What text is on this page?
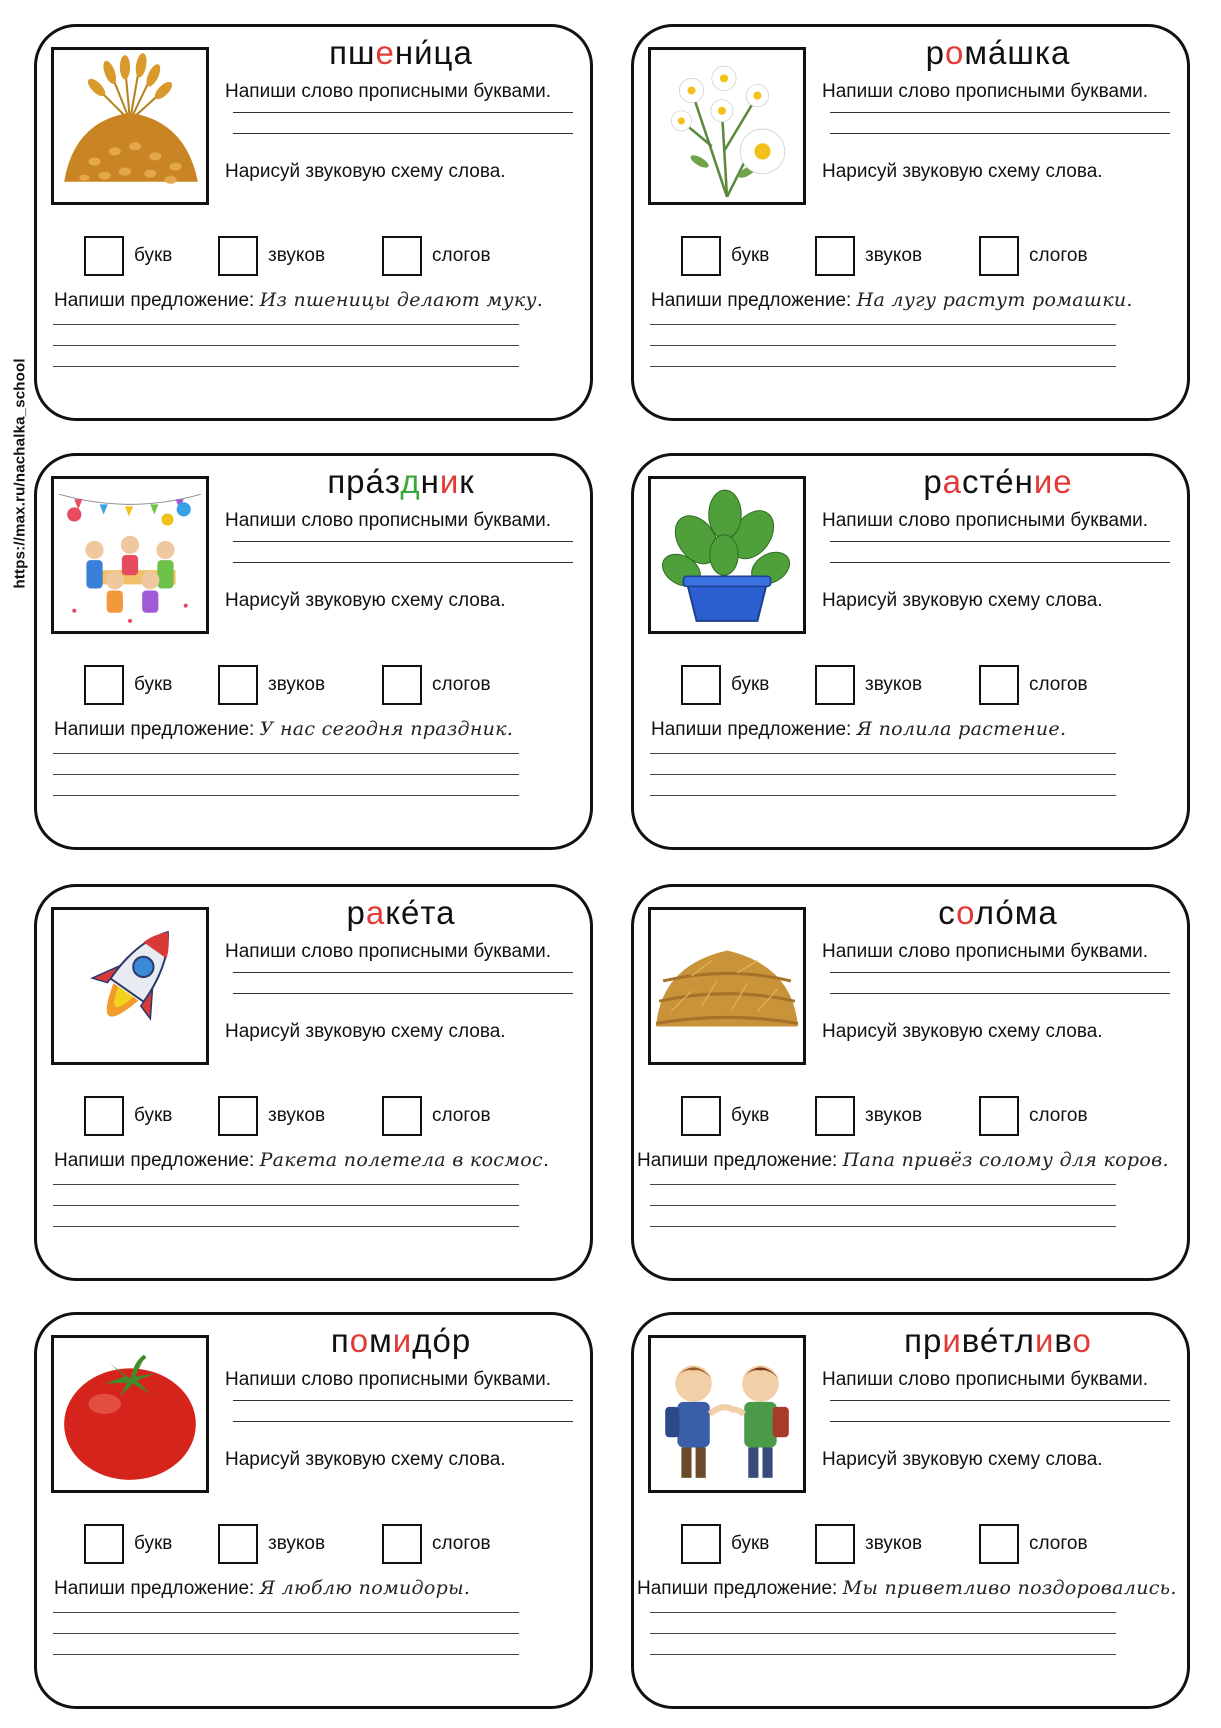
https://max.ru/nachalka_school
пшени ́ца
Напиши слово прописными буквами.
Нарисуй звуковую схему слова.
букв	звуков	слогов
Напиши предложение: Из пшеницы делают муку.
рома ́шка
Напиши слово прописными буквами.
Нарисуй звуковую схему слова.
букв	звуков	слогов
Напиши предложение: На лугу растут ромашки.
пра ́здник
Напиши слово прописными буквами.
Нарисуй звуковую схему слова.
букв	звуков	слогов
Напиши предложение: У нас сегодня праздник.
расте ́ние
Напиши слово прописными буквами.
Нарисуй звуковую схему слова.
букв	звуков	слогов
Напиши предложение: Я полила растение.
раке ́та
Напиши слово прописными буквами.
Нарисуй звуковую схему слова.
букв	звуков	слогов
Напиши предложение: Ракета полетела в космос.
соло ́ма
Напиши слово прописными буквами.
Нарисуй звуковую схему слова.
букв	звуков	слогов
Напиши предложение: Папа привёз солому для коров.
помидо ́р
Напиши слово прописными буквами.
Нарисуй звуковую схему слова.
букв	звуков	слогов
Напиши предложение: Я люблю помидоры.
приве ́тливо
Напиши слово прописными буквами.
Нарисуй звуковую схему слова.
букв	звуков	слогов
Напиши предложение: Мы приветливо поздоровались.
